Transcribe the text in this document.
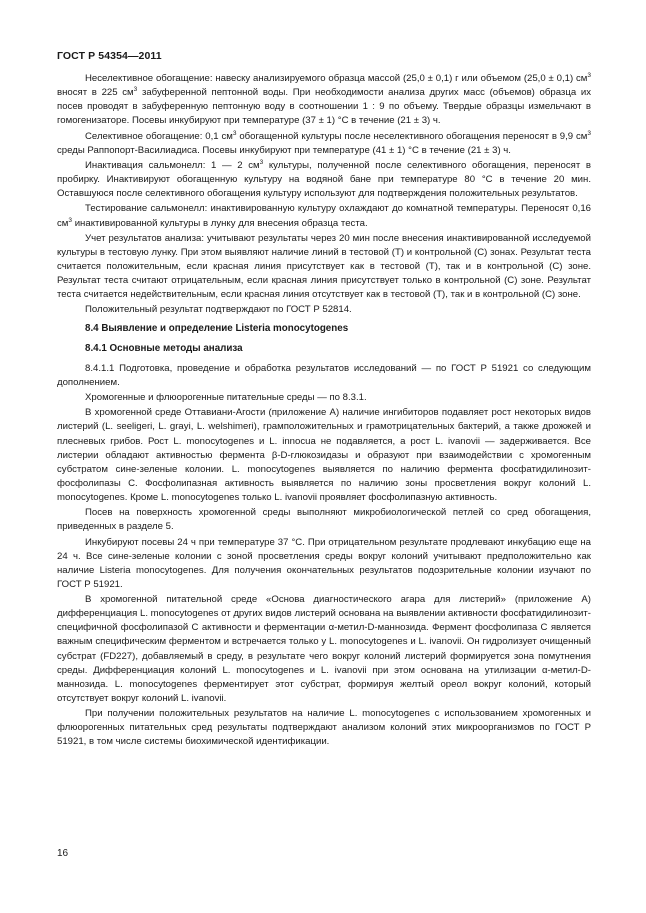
ГОСТ Р 54354—2011

Неселективное обогащение: навеску анализируемого образца массой (25,0 ± 0,1) г или объемом (25,0 ± 0,1) $см^3$ вносят в 225 $см^3$ забуференной пептонной воды. При необходимости анализа других масс (объемов) образца их посев проводят в забуференную пептонную воду в соотношении 1 : 9 по объему. Твердые образцы измельчают в гомогенизаторе. Посевы инкубируют при температуре (37 ± 1) °С в течение (21 ± 3) ч.

Селективное обогащение: 0,1 $см^3$ обогащенной культуры после неселективного обогащения переносят в 9,9 $см^3$ среды Раппопорт-Василиадиса. Посевы инкубируют при температуре (41 ± 1) °С в течение (21 ± 3) ч.

Инактивация сальмонелл: 1 — 2 $см^3$ культуры, полученной после селективного обогащения, переносят в пробирку. Инактивируют обогащенную культуру на водяной бане при температуре 80 °С в течение 20 мин. Оставшуюся после селективного обогащения культуру используют для подтверждения положительных результатов.

Тестирование сальмонелл: инактивированную культуру охлаждают до комнатной температуры. Переносят 0,16 $см^3$ инактивированной культуры в лунку для внесения образца теста.

Учет результатов анализа: учитывают результаты через 20 мин после внесения инактивированной исследуемой культуры в тестовую лунку. При этом выявляют наличие линий в тестовой (Т) и контрольной (С) зонах. Результат теста считается положительным, если красная линия присутствует как в тестовой (Т), так и в контрольной (С) зоне. Результат теста считают отрицательным, если красная линия присутствует только в контрольной (С) зоне. Результат теста считается недействительным, если красная линия отсутствует как в тестовой (Т), так и в контрольной (С) зоне.

Положительный результат подтверждают по ГОСТ Р 52814.

8.4 Выявление и определение Listeria monocytogenes
8.4.1 Основные методы анализа

8.4.1.1 Подготовка, проведение и обработка результатов исследований — по ГОСТ Р 51921 со следующим дополнением.

Хромогенные и флюорогенные питательные среды — по 8.3.1.

В хромогенной среде Оттавиани-Агости (приложение А) наличие ингибиторов подавляет рост некоторых видов листерий (L. seeligeri, L. grayi, L. welshimeri), грамположительных и грамотрицательных бактерий, а также дрожжей и плесневых грибов. Рост L. monocytogenes и L. innocua не подавляется, а рост L. ivanovii — задерживается. Все листерии обладают активностью фермента β-D-глюкозидазы и образуют при взаимодействии с хромогенным субстратом сине-зеленые колонии. L. monocytogenes выявляется по наличию фермента фосфатидилинозит-фосфолипазы С. Фосфолипазная активность выявляется по наличию зоны просветления вокруг колоний L. monocytogenes. Кроме L. monocytogenes только L. ivanovii проявляет фосфолипазную активность.

Посев на поверхность хромогенной среды выполняют микробиологической петлей со сред обогащения, приведенных в разделе 5.

Инкубируют посевы 24 ч при температуре 37 °С. При отрицательном результате продлевают инкубацию еще на 24 ч. Все сине-зеленые колонии с зоной просветления среды вокруг колоний учитывают предположительно как наличие Listeria monocytogenes. Для получения окончательных результатов подозрительные колонии изучают по ГОСТ Р 51921.

В хромогенной питательной среде «Основа диагностического агара для листерий» (приложение А) дифференциация L. monocytogenes от других видов листерий основана на выявлении активности фосфатидилинозит-специфичной фосфолипазой С активности и ферментации α-метил-D-маннозида. Фермент фосфолипаза С является важным специфическим ферментом и встречается только у L. monocytogenes и L. ivanovii. Он гидролизует очищенный субстрат (FD227), добавляемый в среду, в результате чего вокруг колоний листерий формируется зона помутнения среды. Дифференциация колоний L. monocytogenes и L. ivanovii при этом основана на утилизации α-метил-D-маннозида. L. monocytogenes ферментирует этот субстрат, формируя желтый ореол вокруг колоний, который отсутствует вокруг колоний L. ivanovii.

При получении положительных результатов на наличие L. monocytogenes с использованием хромогенных и флюорогенных питательных сред результаты подтверждают анализом колоний этих микроорганизмов по ГОСТ Р 51921, в том числе системы биохимической идентификации.

16
